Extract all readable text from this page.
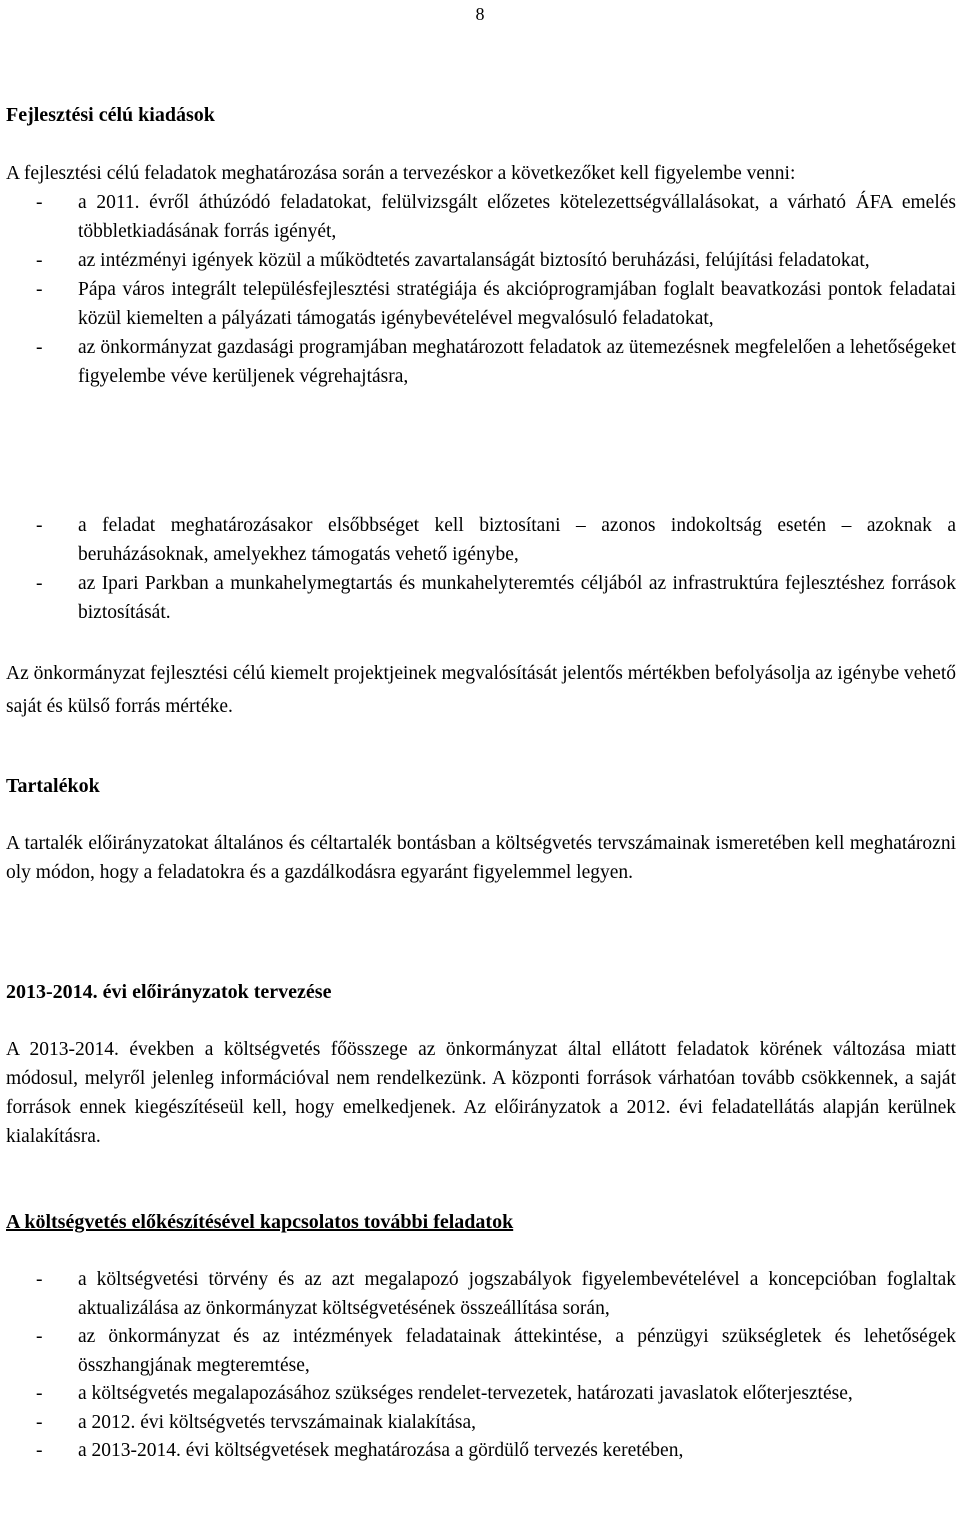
8
Fejlesztési célú kiadások

A fejlesztési célú feladatok meghatározása során a tervezéskor a következőket kell figyelembe venni:

- a 2011. évről áthúzódó feladatokat, felülvizsgált előzetes kötelezettségvállalásokat, a várható ÁFA emelés többletkiadásának forrás igényét,
- az intézményi igények közül a működtetés zavartalanságát biztosító beruházási, felújítási feladatokat,
- Pápa város integrált településfejlesztési stratégiája és akcióprogramjában foglalt beavatkozási pontok feladatai közül kiemelten a pályázati támogatás igénybevételével megvalósuló feladatokat,
- az önkormányzat gazdasági programjában meghatározott feladatok az ütemezésnek megfelelően a lehetőségeket figyelembe véve kerüljenek végrehajtásra,
- a feladat meghatározásakor elsőbbséget kell biztosítani – azonos indokoltság esetén – azoknak a beruházásoknak, amelyekhez támogatás vehető igénybe,
- az Ipari Parkban a munkahelymegtartás és munkahelyteremtés céljából az infrastruktúra fejlesztéshez források biztosítását.

Az önkormányzat fejlesztési célú kiemelt projektjeinek megvalósítását jelentős mértékben befolyásolja az igénybe vehető saját és külső forrás mértéke.

Tartalékok

A tartalék előirányzatokat általános és céltartalék bontásban a költségvetés tervszámainak ismeretében kell meghatározni oly módon, hogy a feladatokra és a gazdálkodásra egyaránt figyelemmel legyen.

2013-2014. évi előirányzatok tervezése

A 2013-2014. években a költségvetés főösszege az önkormányzat által ellátott feladatok körének változása miatt módosul, melyről jelenleg információval nem rendelkezünk. A központi források várhatóan tovább csökkennek, a saját források ennek kiegészítéseül kell, hogy emelkedjenek. Az előirányzatok a 2012. évi feladatellátás alapján kerülnek kialakításra.

A költségvetés előkészítésével kapcsolatos további feladatok
- a költségvetési törvény és az azt megalapozó jogszabályok figyelembevételével a koncepcióban foglaltak aktualizálása az önkormányzat költségvetésének összeállítása során,
- az önkormányzat és az intézmények feladatainak áttekintése, a pénzügyi szükségletek és lehetőségek összhangjának megteremtése,
- a költségvetés megalapozásához szükséges rendelet-tervezetek, határozati javaslatok előterjesztése,
- a 2012. évi költségvetés tervszámainak kialakítása,
- a 2013-2014. évi költségvetések meghatározása a gördülő tervezés keretében,
